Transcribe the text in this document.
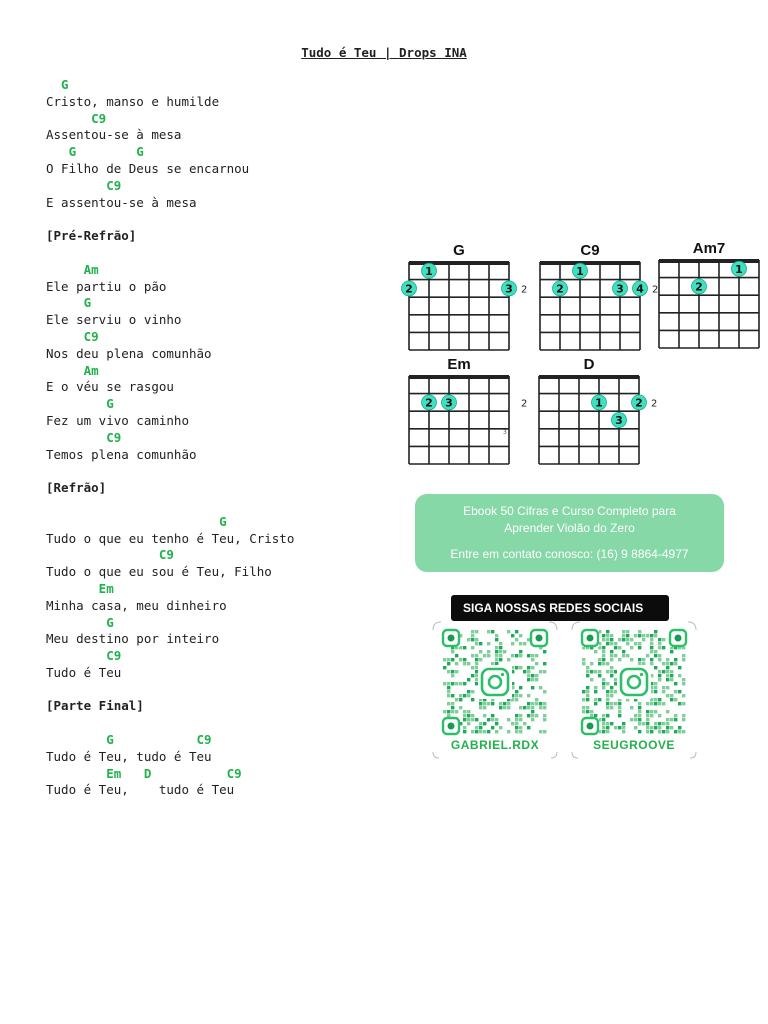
Tudo é Teu | Drops INA
G
Cristo, manso e humilde
C9
Assentou-se à mesa
G        G
O Filho de Deus se encarnou
C9
E assentou-se à mesa
[Pré-Refrão]
Am
Ele partiu o pão
G
Ele serviu o vinho
C9
Nos deu plena comunhão
Am
E o véu se rasgou
G
Fez um vivo caminho
C9
Temos plena comunhão
[Refrão]
G
Tudo o que eu tenho é Teu, Cristo
C9
Tudo o que eu sou é Teu, Filho
Em
Minha casa, meu dinheiro
G
Meu destino por inteiro
C9
Tudo é Teu
[Parte Final]
G           C9
Tudo é Teu, tudo é Teu
Em   D          C9
Tudo é Teu,    tudo é Teu
G
2
1
2	3
C9
2
1
2	3 4
Am7
1
2
Em
2
3
2 3
D
2
1	2
3
Ebook 50 Cifras e Curso Completo para
Aprender Violão do Zero
Entre em contato conosco: (16) 9 8864-4977
SIGA NOSSAS REDES SOCIAIS
GABRIEL.RDX	SEUGROOVE
